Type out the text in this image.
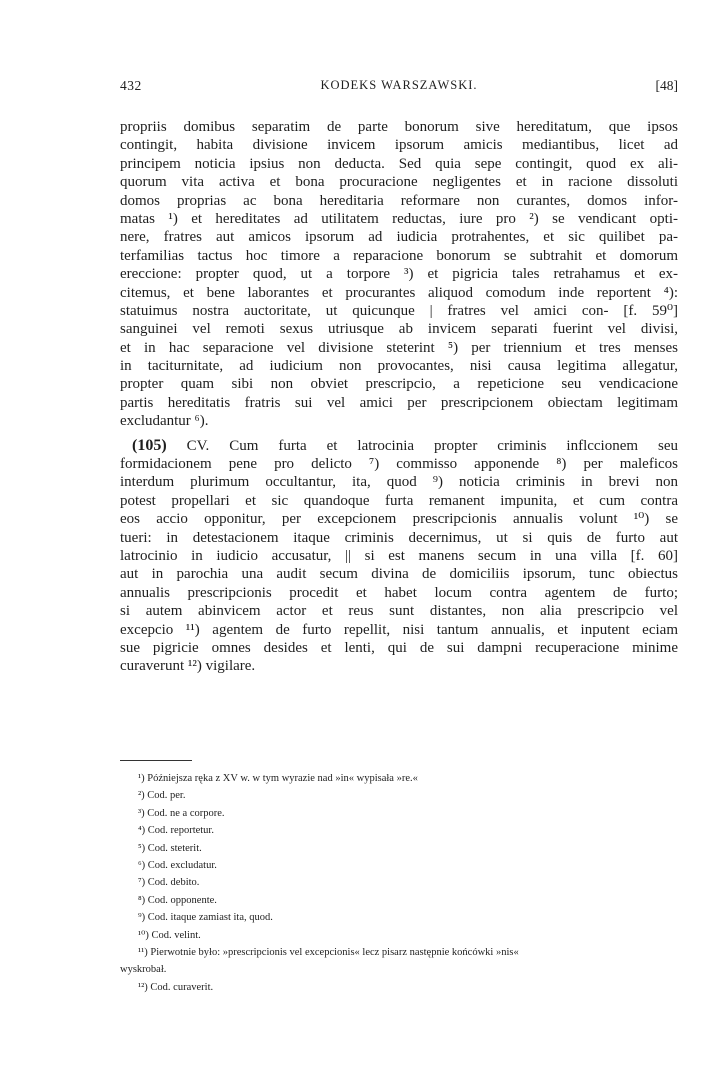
432	KODEKS WARSZAWSKI.	[48]
propriis domibus separatim de parte bonorum sive hereditatum, que ipsos
contingit, habita divisione invicem ipsorum amicis mediantibus, licet ad
principem noticia ipsius non deducta. Sed quia sepe contingit, quod ex ali-
quorum vita activa et bona procuracione negligentes et in racione dissoluti
domos proprias ac bona hereditaria reformare non curantes, domos infor-
matas ¹) et hereditates ad utilitatem reductas, iure pro ²) se vendicant opti-
nere, fratres aut amicos ipsorum ad iudicia protrahentes, et sic quilibet pa-
terfamilias tactus hoc timore a reparacione bonorum se subtrahit et domorum
ereccione: propter quod, ut a torpore ³) et pigricia tales retrahamus et ex-
citemus, et bene laborantes et procurantes aliquod comodum inde reportent ⁴):
statuimus nostra auctoritate, ut quicunque | fratres vel amici con- [f. 59⁰]
sanguinei vel remoti sexus utriusque ab invicem separati fuerint vel divisi,
et in hac separacione vel divisione steterint ⁵) per triennium et tres menses
in taciturnitate, ad iudicium non provocantes, nisi causa legitima allegatur,
propter quam sibi non obviet prescripcio, a repeticione seu vendicacione
partis hereditatis fratris sui vel amici per prescripcionem obiectam legitimam
excludantur ⁶).
(105) CV. Cum furta et latrocinia propter criminis inflccionem seu
formidacionem pene pro delicto ⁷) commisso apponende ⁸) per maleficos
interdum plurimum occultantur, ita, quod ⁹) noticia criminis in brevi non
potest propellari et sic quandoque furta remanent impunita, et cum contra
eos accio opponitur, per excepcionem prescripcionis annualis volunt ¹⁰) se
tueri: in detestacionem itaque criminis decernimus, ut si quis de furto aut
latrocinio in iudicio accusatur, || si est manens secum in una villa [f. 60]
aut in parochia una audit secum divina de domiciliis ipsorum, tunc obiectus
annualis prescripcionis procedit et habet locum contra agentem de furto;
si autem abinvicem actor et reus sunt distantes, non alia prescripcio vel
excepcio ¹¹) agentem de furto repellit, nisi tantum annualis, et inputent eciam
sue pigricie omnes desides et lenti, qui de sui dampni recuperacione minime
curaverunt ¹²) vigilare.
¹) Późniejsza ręka z XV w. w tym wyrazie nad »in« wypisała »re.«
²) Cod. per.
³) Cod. ne a corpore.
⁴) Cod. reportetur.
⁵) Cod. steterit.
⁶) Cod. excludatur.
⁷) Cod. debito.
⁸) Cod. opponente.
⁹) Cod. itaque zamiast ita, quod.
¹⁰) Cod. velint.
¹¹) Pierwotnie było: »prescripcionis vel excepcionis« lecz pisarz następnie końcówki »nis«
wyskrobał.
¹²) Cod. curaverit.
